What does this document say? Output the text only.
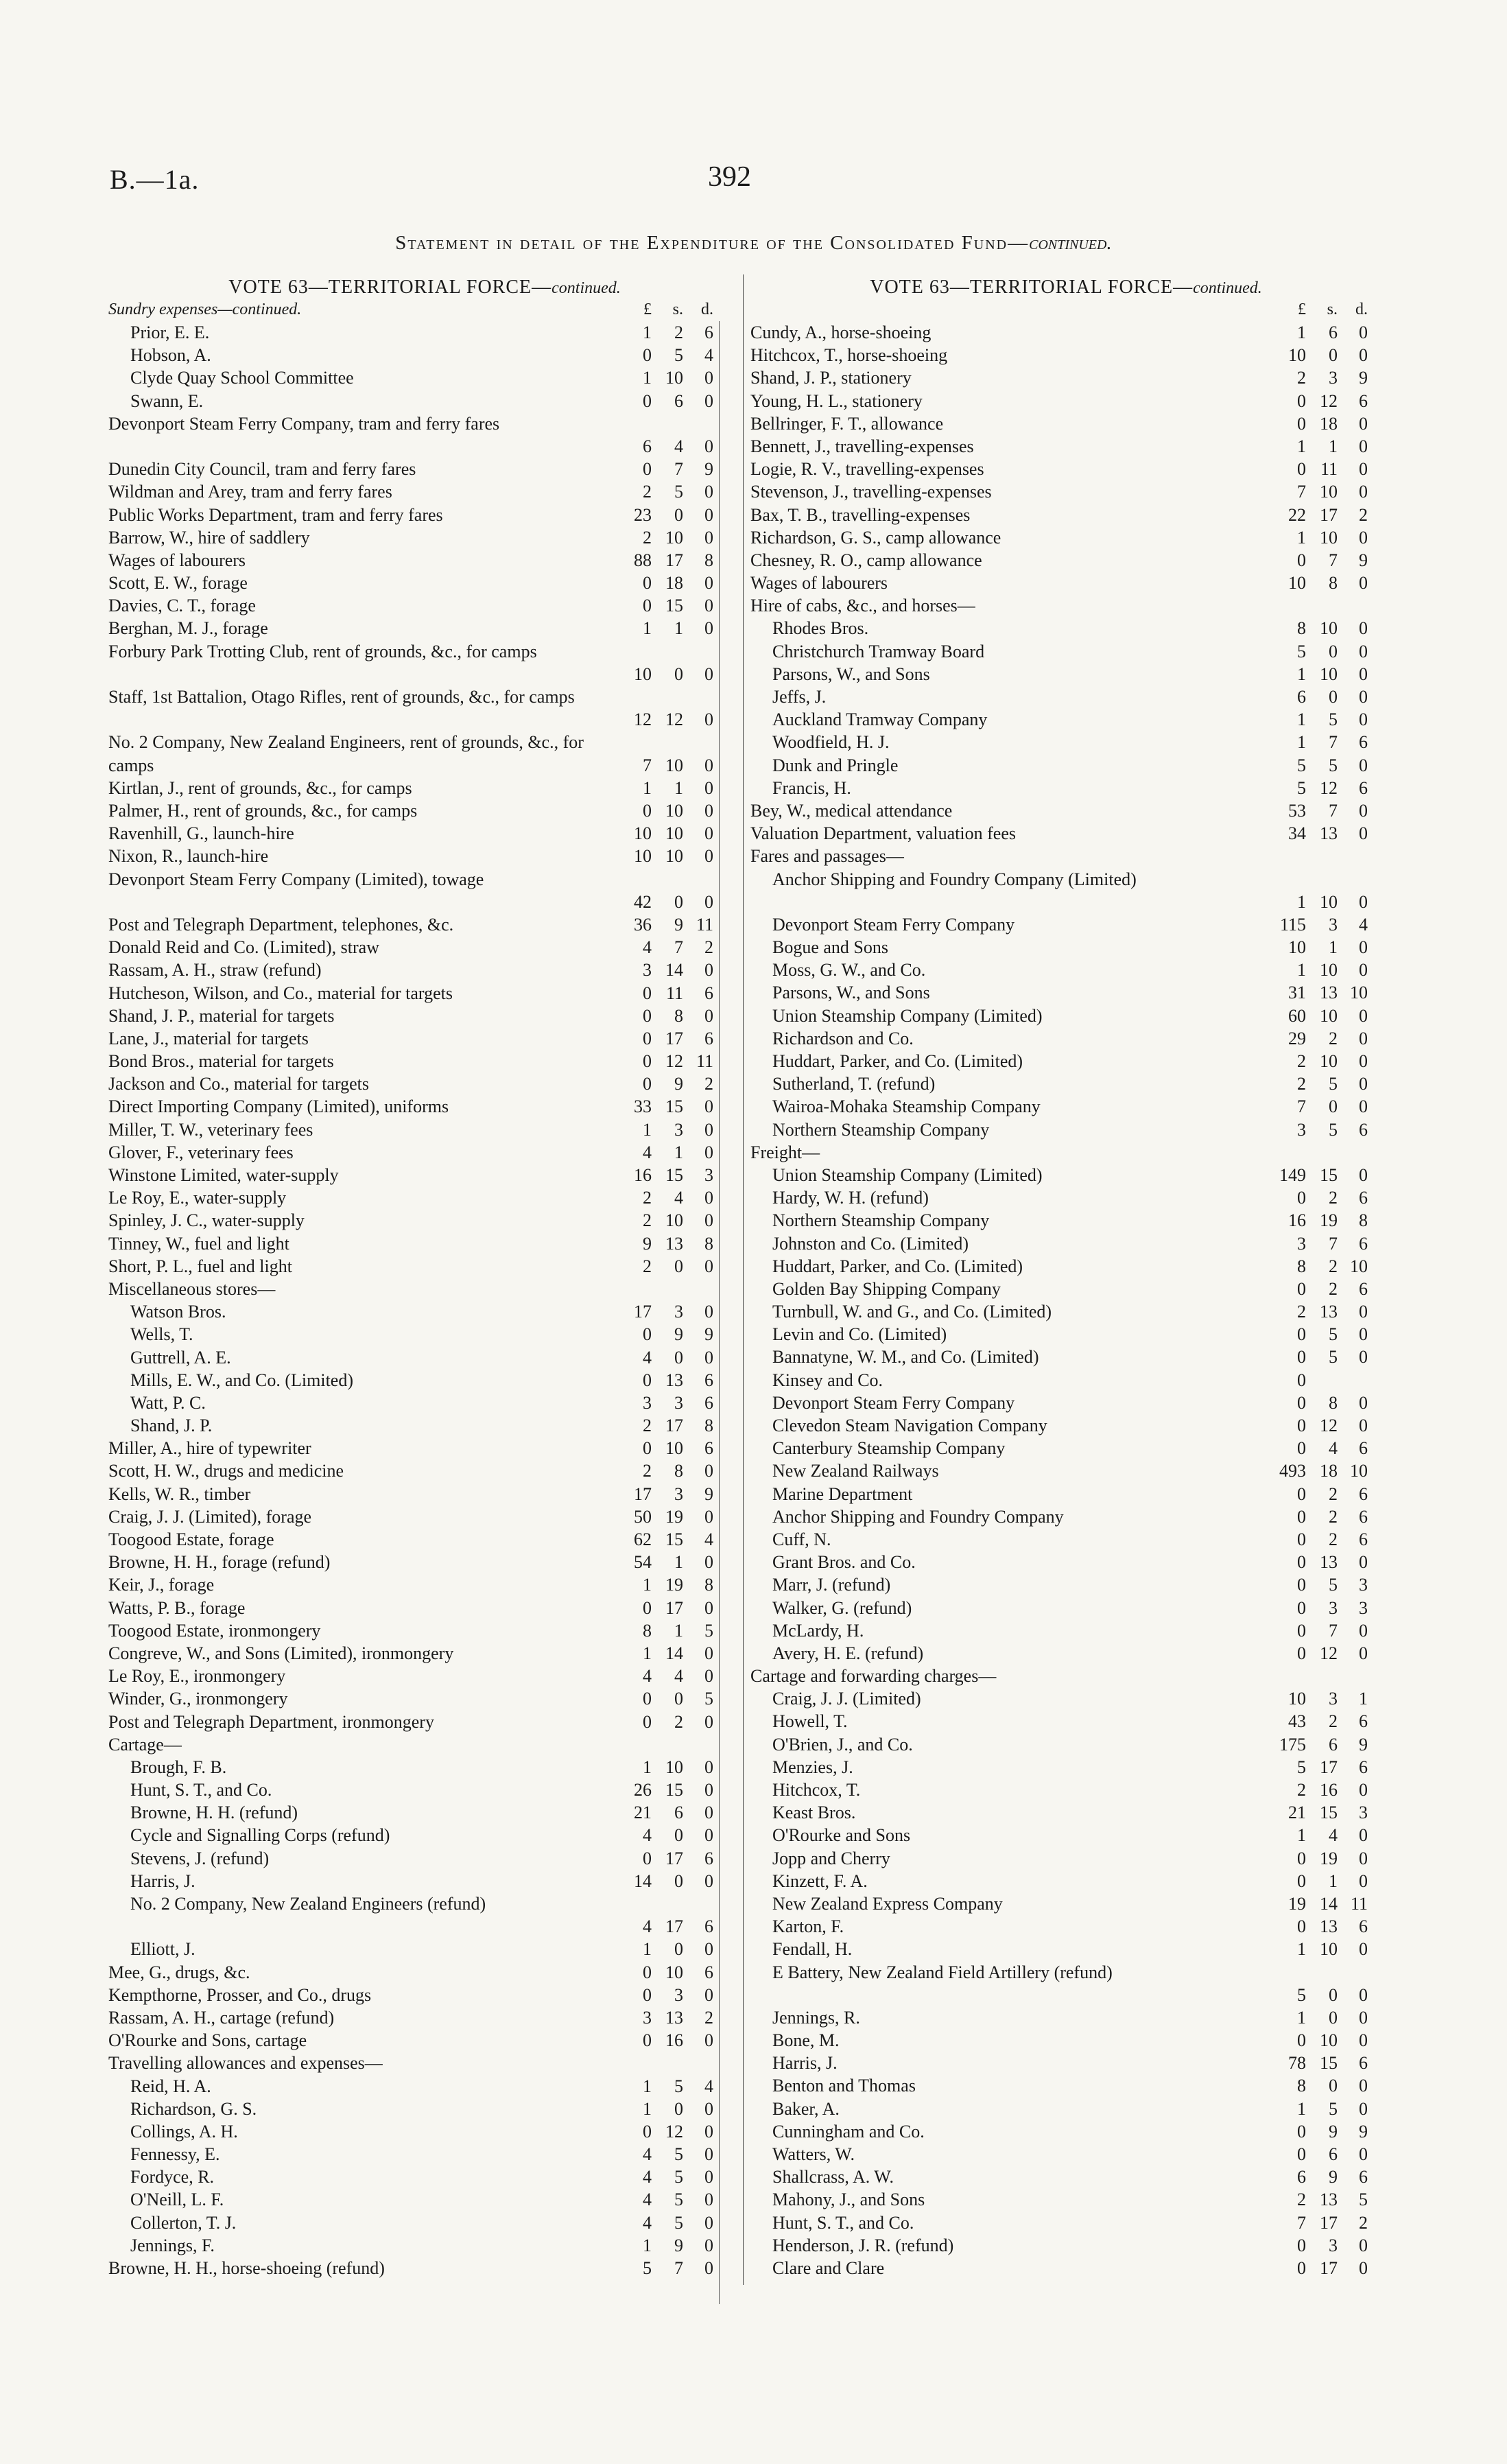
B.—1a.	392
Statement in detail of the Expenditure of the Consolidated Fund—continued.
VOTE 63—TERRITORIAL FORCE—continued.
Sundry expenses—continued.	£	s.	d.
Prior, E. E.	1	2	6
Hobson, A.	0	5	4
Clyde Quay School Committee	1 10	0
Swann, E.	0	6	0
Devonport Steam Ferry Company, tram and ferry fares
6	4	0
Dunedin City Council, tram and ferry fares	0	7	9
Wildman and Arey, tram and ferry fares	2	5	0
Public Works Department, tram and ferry fares	23	0	0
Barrow, W., hire of saddlery	2 10	0
Wages of labourers	88 17	8
Scott, E. W., forage	0 18	0
Davies, C. T., forage	0 15	0
Berghan, M. J., forage	1	1	0
Forbury Park Trotting Club, rent of grounds, &c., for camps
10	0	0
Staff, 1st Battalion, Otago Rifles, rent of grounds, &c., for camps
12 12	0
No. 2 Company, New Zealand Engineers, rent of grounds, &c., for camps	7 10	0
Kirtlan, J., rent of grounds, &c., for camps	1	1	0
Palmer, H., rent of grounds, &c., for camps	0 10	0
Ravenhill, G., launch-hire	10 10	0
Nixon, R., launch-hire	10 10	0
Devonport Steam Ferry Company (Limited), towage
42	0	0
Post and Telegraph Department, telephones, &c.	36	9 11
Donald Reid and Co. (Limited), straw	4	7	2
Rassam, A. H., straw (refund)	3 14	0
Hutcheson, Wilson, and Co., material for targets	0 11	6
Shand, J. P., material for targets	0	8	0
Lane, J., material for targets	0 17	6
Bond Bros., material for targets	0 12 11
Jackson and Co., material for targets	0	9	2
Direct Importing Company (Limited), uniforms	33 15	0
Miller, T. W., veterinary fees	1	3	0
Glover, F., veterinary fees	4	1	0
Winstone Limited, water-supply	16 15	3
Le Roy, E., water-supply	2	4	0
Spinley, J. C., water-supply	2 10	0
Tinney, W., fuel and light	9 13	8
Short, P. L., fuel and light	2	0	0
Miscellaneous stores—
Watson Bros.	17	3	0
Wells, T.	0	9	9
Guttrell, A. E.	4	0	0
Mills, E. W., and Co. (Limited)	0 13	6
Watt, P. C.	3	3	6
Shand, J. P.	2 17	8
Miller, A., hire of typewriter	0 10	6
Scott, H. W., drugs and medicine	2	8	0
Kells, W. R., timber	17	3	9
Craig, J. J. (Limited), forage	50 19	0
Toogood Estate, forage	62 15	4
Browne, H. H., forage (refund)	54	1	0
Keir, J., forage	1 19	8
Watts, P. B., forage	0 17	0
Toogood Estate, ironmongery	8	1	5
Congreve, W., and Sons (Limited), ironmongery	1 14	0
Le Roy, E., ironmongery	4	4	0
Winder, G., ironmongery	0	0	5
Post and Telegraph Department, ironmongery	0	2	0
Cartage—
Brough, F. B.	1 10	0
Hunt, S. T., and Co.	26 15	0
Browne, H. H. (refund)	21	6	0
Cycle and Signalling Corps (refund)	4	0	0
Stevens, J. (refund)	0 17	6
Harris, J.	14	0	0
No. 2 Company, New Zealand Engineers (refund)
4 17	6
Elliott, J.	1	0	0
Mee, G., drugs, &c.	0 10	6
Kempthorne, Prosser, and Co., drugs	0	3	0
Rassam, A. H., cartage (refund)	3 13	2
O'Rourke and Sons, cartage	0 16	0
Travelling allowances and expenses—
Reid, H. A.	1	5	4
Richardson, G. S.	1	0	0
Collings, A. H.	0 12	0
Fennessy, E.	4	5	0
Fordyce, R.	4	5	0
O'Neill, L. F.	4	5	0
Collerton, T. J.	4	5	0
Jennings, F.	1	9	0
Browne, H. H., horse-shoeing (refund)	5	7	0
VOTE 63—TERRITORIAL FORCE—continued.
£	s.	d.
Cundy, A., horse-shoeing	1	6	0
Hitchcox, T., horse-shoeing	10	0	0
Shand, J. P., stationery	2	3	9
Young, H. L., stationery	0 12	6
Bellringer, F. T., allowance	0 18	0
Bennett, J., travelling-expenses	1	1	0
Logie, R. V., travelling-expenses	0 11	0
Stevenson, J., travelling-expenses	7 10	0
Bax, T. B., travelling-expenses	22 17	2
Richardson, G. S., camp allowance	1 10	0
Chesney, R. O., camp allowance	0	7	9
Wages of labourers	10	8	0
Hire of cabs, &c., and horses—
Rhodes Bros.	8 10	0
Christchurch Tramway Board	5	0	0
Parsons, W., and Sons	1 10	0
Jeffs, J.	6	0	0
Auckland Tramway Company	1	5	0
Woodfield, H. J.	1	7	6
Dunk and Pringle	5	5	0
Francis, H.	5 12	6
Bey, W., medical attendance	53	7	0
Valuation Department, valuation fees	34 13	0
Fares and passages—
Anchor Shipping and Foundry Company (Limited)
1 10	0
Devonport Steam Ferry Company	115	3	4
Bogue and Sons	10	1	0
Moss, G. W., and Co.	1 10	0
Parsons, W., and Sons	31 13 10
Union Steamship Company (Limited)	60 10	0
Richardson and Co.	29	2	0
Huddart, Parker, and Co. (Limited)	2 10	0
Sutherland, T. (refund)	2	5	0
Wairoa-Mohaka Steamship Company	7	0	0
Northern Steamship Company	3	5	6
Freight—
Union Steamship Company (Limited)	149 15	0
Hardy, W. H. (refund)	0	2	6
Northern Steamship Company	16 19	8
Johnston and Co. (Limited)	3	7	6
Huddart, Parker, and Co. (Limited)	8	2 10
Golden Bay Shipping Company	0	2	6
Turnbull, W. and G., and Co. (Limited)	2 13	0
Levin and Co. (Limited)	0	5	0
Bannatyne, W. M., and Co. (Limited)	0	5	0
Kinsey and Co.	0
Devonport Steam Ferry Company	0	8	0
Clevedon Steam Navigation Company	0 12	0
Canterbury Steamship Company	0	4	6
New Zealand Railways	493 18 10
Marine Department	0	2	6
Anchor Shipping and Foundry Company	0	2	6
Cuff, N.	0	2	6
Grant Bros. and Co.	0 13	0
Marr, J. (refund)	0	5	3
Walker, G. (refund)	0	3	3
McLardy, H.	0	7	0
Avery, H. E. (refund)	0 12	0
Cartage and forwarding charges—
Craig, J. J. (Limited)	10	3	1
Howell, T.	43	2	6
O'Brien, J., and Co.	175	6	9
Menzies, J.	5 17	6
Hitchcox, T.	2 16	0
Keast Bros.	21 15	3
O'Rourke and Sons	1	4	0
Jopp and Cherry	0 19	0
Kinzett, F. A.	0	1	0
New Zealand Express Company	19 14 11
Karton, F.	0 13	6
Fendall, H.	1 10	0
E Battery, New Zealand Field Artillery (refund)
5	0	0
Jennings, R.	1	0	0
Bone, M.	0 10	0
Harris, J.	78 15	6
Benton and Thomas	8	0	0
Baker, A.	1	5	0
Cunningham and Co.	0	9	9
Watters, W.	0	6	0
Shallcrass, A. W.	6	9	6
Mahony, J., and Sons	2 13	5
Hunt, S. T., and Co.	7 17	2
Henderson, J. R. (refund)	0	3	0
Clare and Clare	0 17	0
